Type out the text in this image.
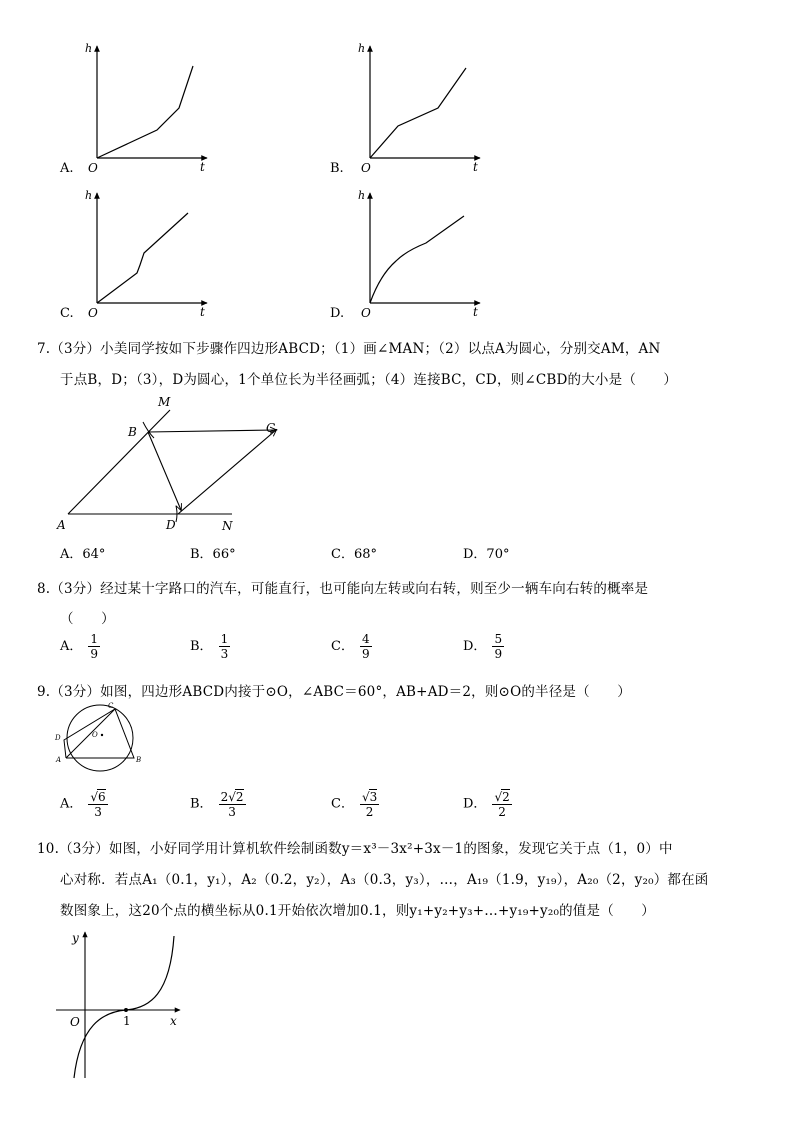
h
t
O
A.
h
t
O
B.
h
t
O
C.
h
t
O
D.
7.（3分）小美同学按如下步骤作四边形ABCD；（1）画∠MAN；（2）以点A为圆心，分别交AM，AN
于点B，D；（3），D为圆心，1个单位长为半径画弧；（4）连接BC，CD，则∠CBD的大小是（　　）
M
B	C
A	D	N
A．64°	B．66°	C．68°	D．70°
8.（3分）经过某十字路口的汽车，可能直行，也可能向左转或向右转，则至少一辆车向右转的概率是
（　　）
A． $\frac{1}{9}$	B． $\frac{1}{3}$	C． $\frac{4}{9}$	D． $\frac{5}{9}$
9.（3分）如图，四边形ABCD内接于⊙O，∠ABC＝60°，AB+AD＝2，则⊙O的半径是（　　）
C
D	O
A	B
A． $\frac{√6}{3}$	B． $\frac{2√2}{3}$	C． $\frac{√3}{2}$	D． $\frac{√2}{2}$
10.（3分）如图，小好同学用计算机软件绘制函数y＝x³－3x²+3x－1的图象，发现它关于点（1，0）中
心对称．若点A₁（0.1，y₁），A₂（0.2，y₂），A₃（0.3，y₃），…，A₁₉（1.9，y₁₉），A₂₀（2，y₂₀）都在函
数图象上，这20个点的横坐标从0.1开始依次增加0.1，则y₁+y₂+y₃+…+y₁₉+y₂₀的值是（　　）
y
x
O	1
